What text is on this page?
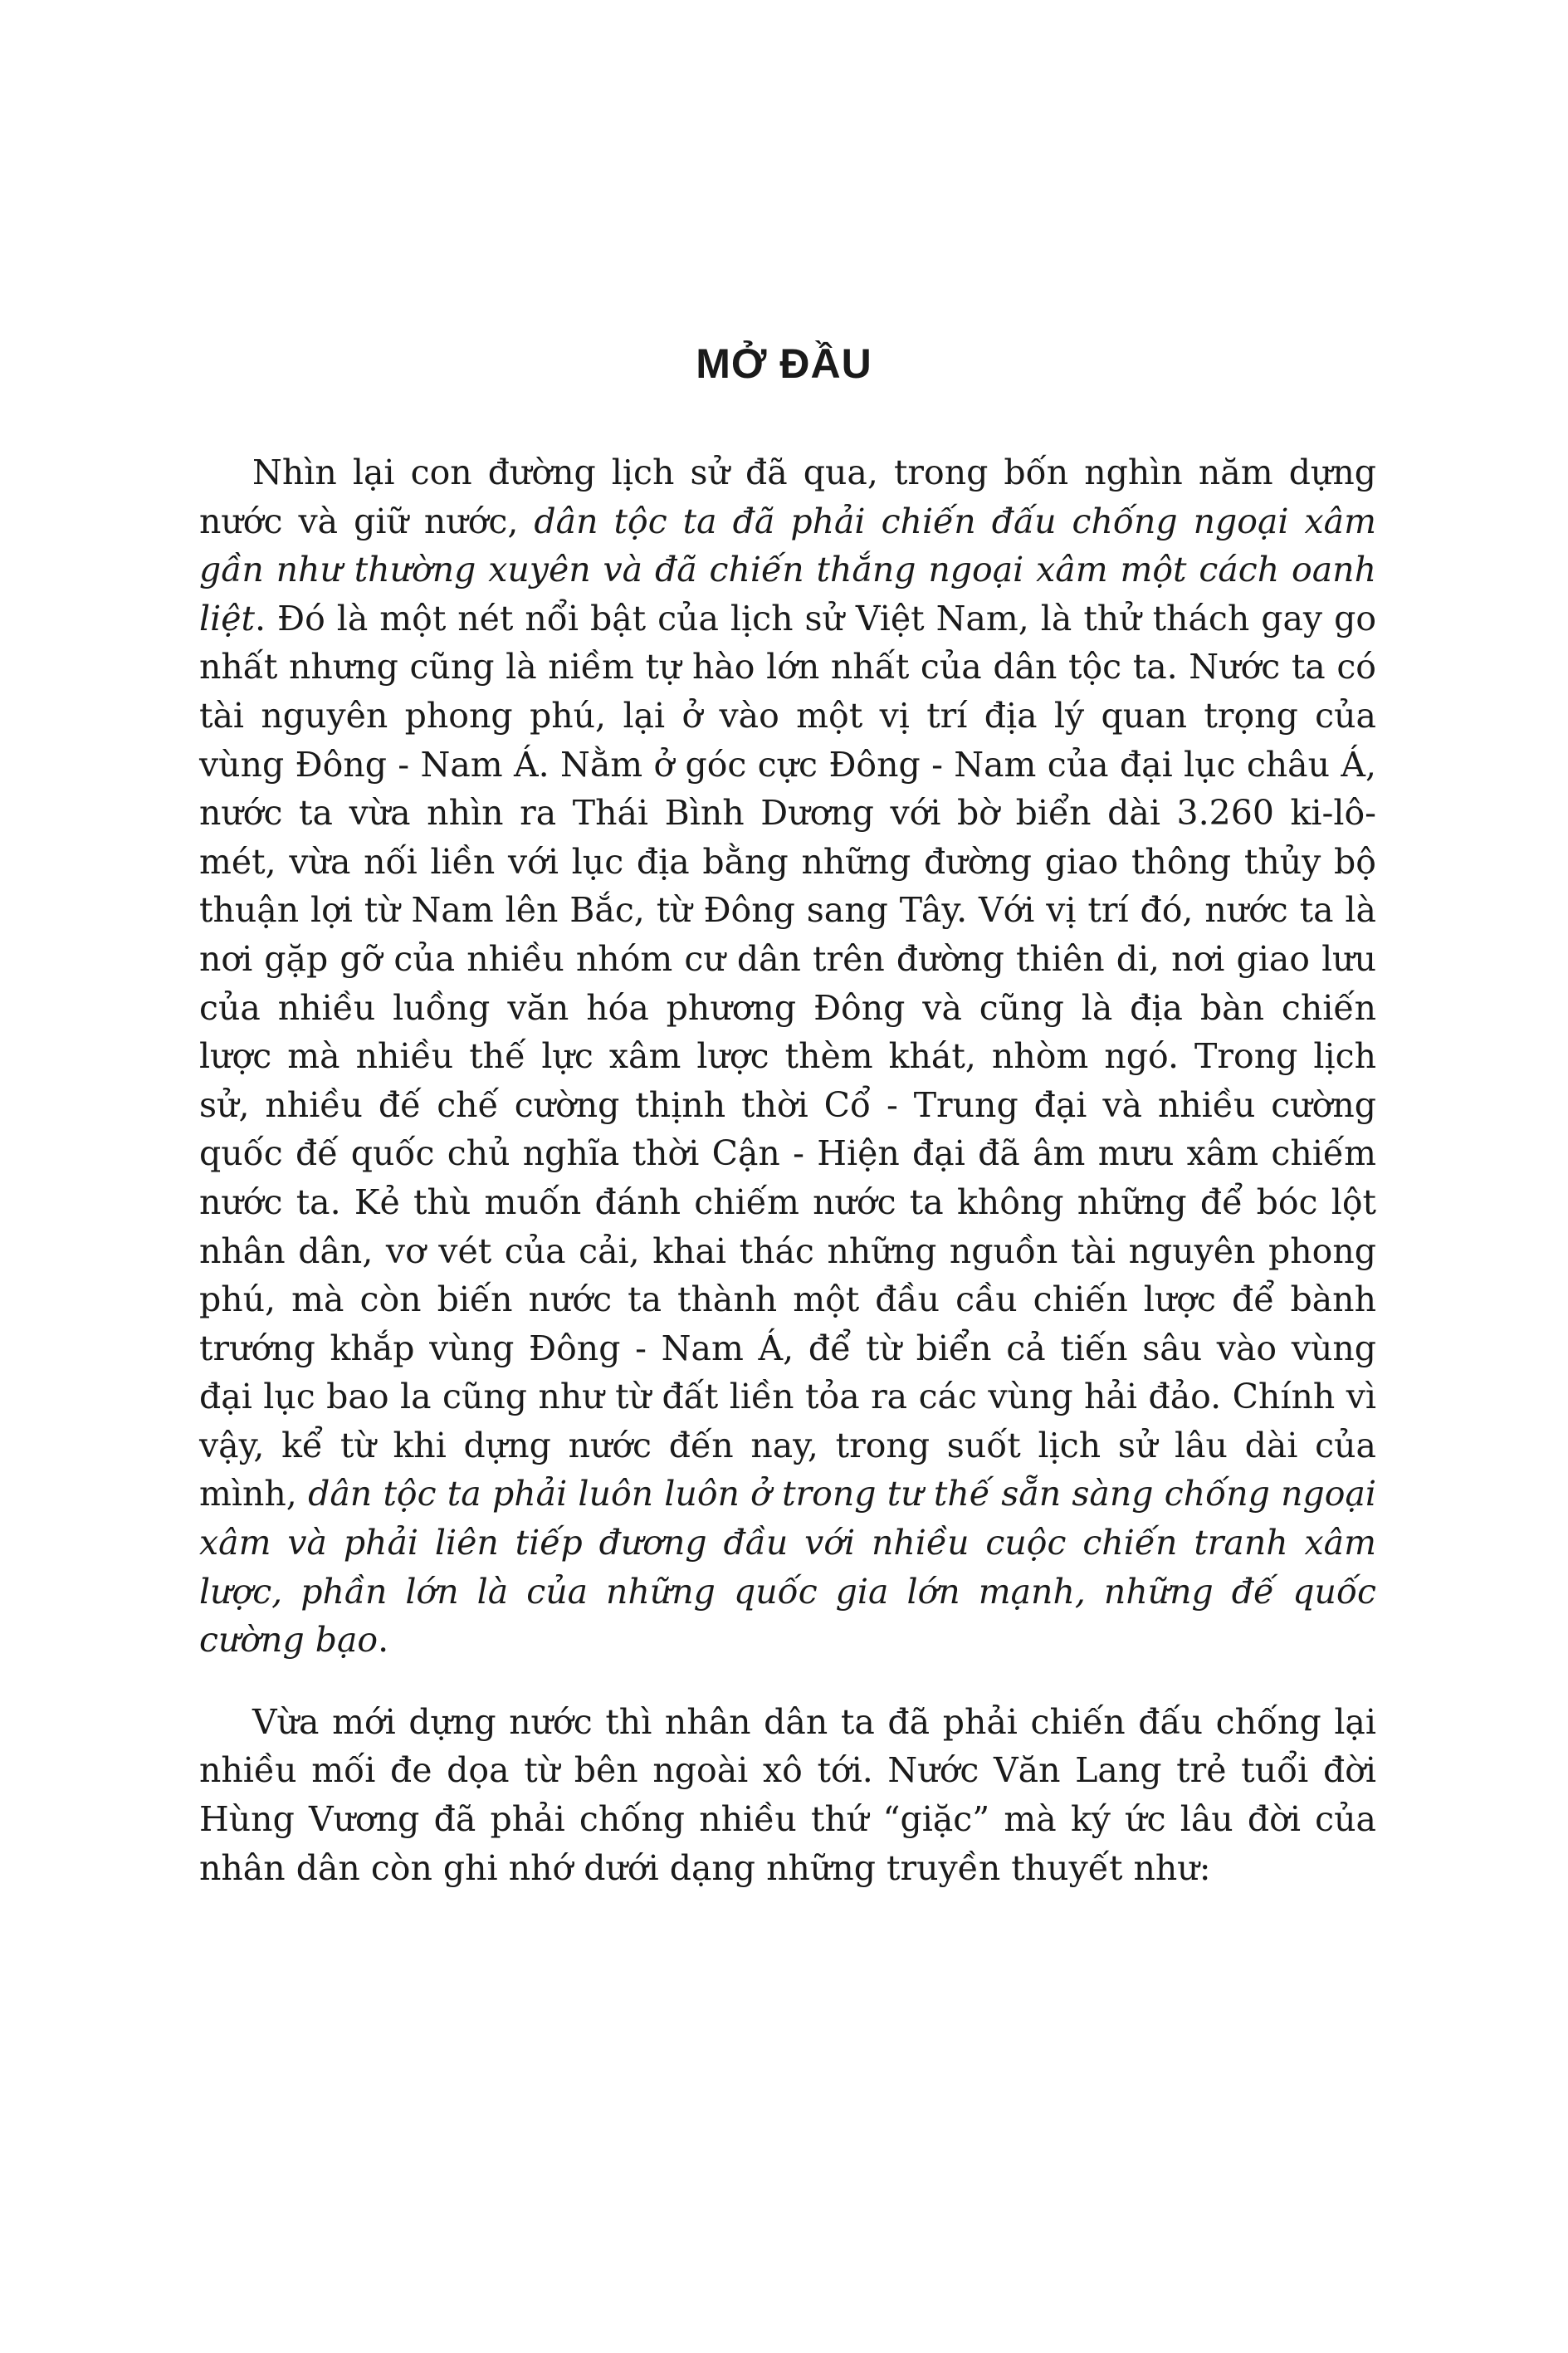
MỞ ĐẦU

Nhìn lại con đường lịch sử đã qua, trong bốn nghìn năm dựng nước và giữ nước, dân tộc ta đã phải chiến đấu chống ngoại xâm gần như thường xuyên và đã chiến thắng ngoại xâm một cách oanh liệt. Đó là một nét nổi bật của lịch sử Việt Nam, là thử thách gay go nhất nhưng cũng là niềm tự hào lớn nhất của dân tộc ta. Nước ta có tài nguyên phong phú, lại ở vào một vị trí địa lý quan trọng của vùng Đông - Nam Á. Nằm ở góc cực Đông - Nam của đại lục châu Á, nước ta vừa nhìn ra Thái Bình Dương với bờ biển dài 3.260 ki-lô-mét, vừa nối liền với lục địa bằng những đường giao thông thủy bộ thuận lợi từ Nam lên Bắc, từ Đông sang Tây. Với vị trí đó, nước ta là nơi gặp gỡ của nhiều nhóm cư dân trên đường thiên di, nơi giao lưu của nhiều luồng văn hóa phương Đông và cũng là địa bàn chiến lược mà nhiều thế lực xâm lược thèm khát, nhòm ngó. Trong lịch sử, nhiều đế chế cường thịnh thời Cổ - Trung đại và nhiều cường quốc đế quốc chủ nghĩa thời Cận - Hiện đại đã âm mưu xâm chiếm nước ta. Kẻ thù muốn đánh chiếm nước ta không những để bóc lột nhân dân, vơ vét của cải, khai thác những nguồn tài nguyên phong phú, mà còn biến nước ta thành một đầu cầu chiến lược để bành trướng khắp vùng Đông - Nam Á, để từ biển cả tiến sâu vào vùng đại lục bao la cũng như từ đất liền tỏa ra các vùng hải đảo. Chính vì vậy, kể từ khi dựng nước đến nay, trong suốt lịch sử lâu dài của mình, dân tộc ta phải luôn luôn ở trong tư thế sẵn sàng chống ngoại xâm và phải liên tiếp đương đầu với nhiều cuộc chiến tranh xâm lược, phần lớn là của những quốc gia lớn mạnh, những đế quốc cường bạo.

Vừa mới dựng nước thì nhân dân ta đã phải chiến đấu chống lại nhiều mối đe dọa từ bên ngoài xô tới. Nước Văn Lang trẻ tuổi đời Hùng Vương đã phải chống nhiều thứ “giặc” mà ký ức lâu đời của nhân dân còn ghi nhớ dưới dạng những truyền thuyết như:
